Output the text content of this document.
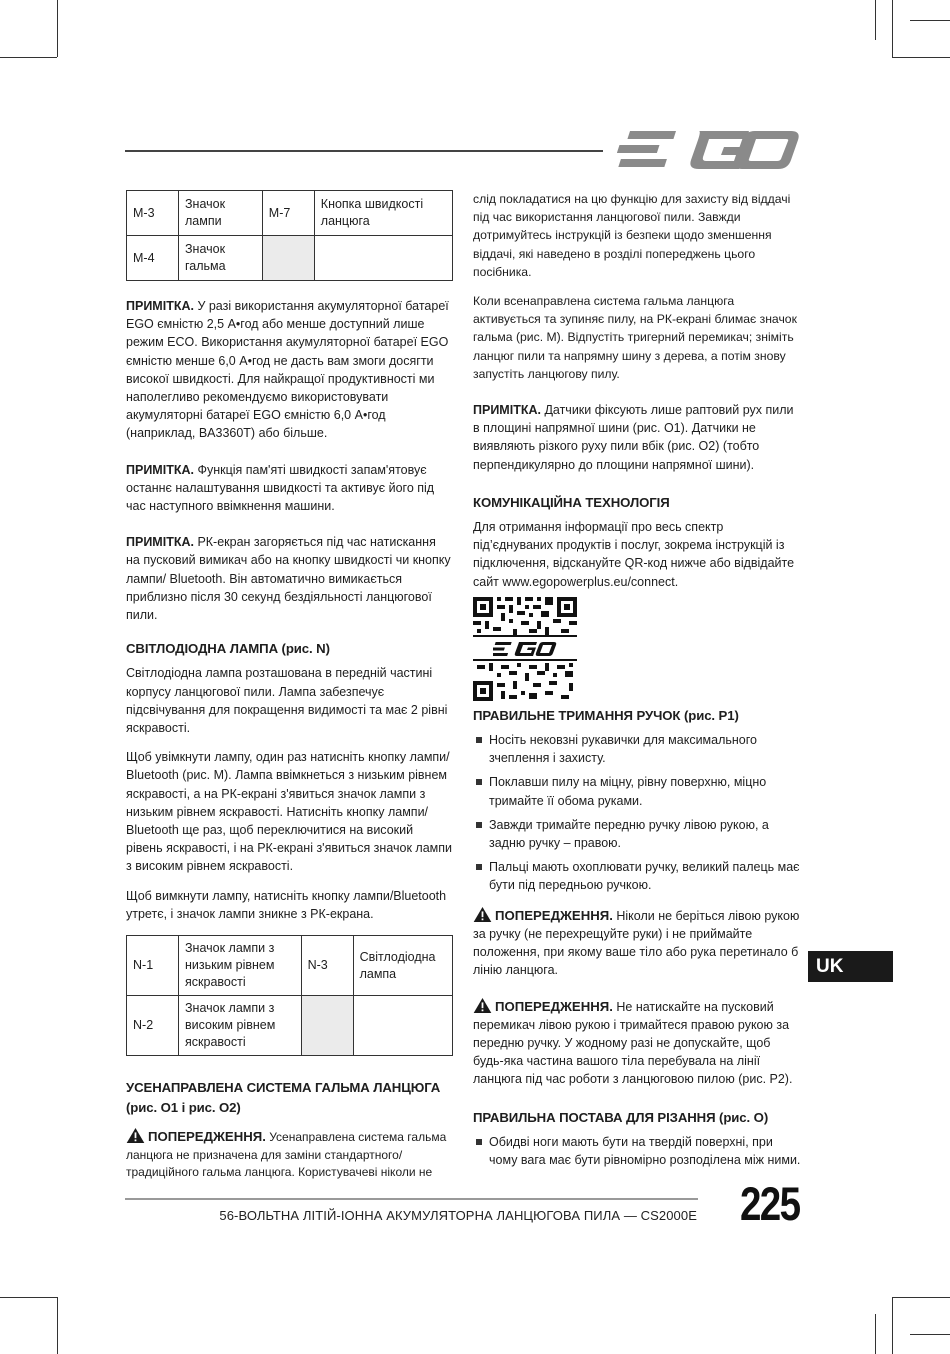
M-3	Значок лампи	M-7	Кнопка швидкості ланцюга
M-4	Значок гальма		

ПРИМІТКА. У разі використання акумуляторної батареї EGO ємністю 2,5 А•год або менше доступний лише режим ECO. Використання акумуляторної батареї EGO ємністю менше 6,0 А•год не дасть вам змоги досягти високої швидкості. Для найкращої продуктивності ми наполегливо рекомендуємо використовувати акумуляторні батареї EGO ємністю 6,0 А•год (наприклад, BA3360T) або більше.

ПРИМІТКА. Функція пам'яті швидкості запам'ятовує останнє налаштування швидкості та активує його під час наступного ввімкнення машини.

ПРИМІТКА. РК-екран загоряється під час натискання на пусковий вимикач або на кнопку швидкості чи кнопку лампи/ Bluetooth. Він автоматично вимикається приблизно після 30 секунд бездіяльності ланцюгової пили.

СВІТЛОДІОДНА ЛАМПА (рис. N)

Світлодіодна лампа розташована в передній частині корпусу ланцюгової пили. Лампа забезпечує підсвічування для покращення видимості та має 2 рівні яскравості.

Щоб увімкнути лампу, один раз натисніть кнопку лампи/ Bluetooth (рис. M). Лампа ввімкнеться з низьким рівнем яскравості, а на РК-екрані з'явиться значок лампи з низьким рівнем яскравості. Натисніть кнопку лампи/ Bluetooth ще раз, щоб переключитися на високий рівень яскравості, і на РК-екрані з'явиться значок лампи з високим рівнем яскравості.

Щоб вимкнути лампу, натисніть кнопку лампи/Bluetooth утретє, і значок лампи зникне з РК-екрана.

N-1	Значок лампи з низьким рівнем яскравості	N-3	Світлодіодна лампа
N-2	Значок лампи з високим рівнем яскравості		
УСЕНАПРАВЛЕНА СИСТЕМА ГАЛЬМА ЛАНЦЮГА (рис. O1 і рис. O2)

ПОПЕРЕДЖЕННЯ. Усенаправлена система гальма ланцюга не призначена для заміни стандартного/ традиційного гальма ланцюга. Користувачеві ніколи не

слід покладатися на цю функцію для захисту від віддачі під час використання ланцюгової пили. Завжди дотримуйтесь інструкцій із безпеки щодо зменшення віддачі, які наведено в розділі попереджень цього посібника.

Коли всенаправлена система гальма ланцюга активується та зупиняє пилу, на РК-екрані блимає значок гальма (рис. M). Відпустіть тригерний перемикач; зніміть ланцюг пили та напрямну шину з дерева, а потім знову запустіть ланцюгову пилу.

ПРИМІТКА. Датчики фіксують лише раптовий рух пили в площині напрямної шини (рис. O1). Датчики не виявляють різкого руху пили вбік (рис. O2) (тобто перпендикулярно до площини напрямної шини).

КОМУНІКАЦІЙНА ТЕХНОЛОГІЯ

Для отримання інформації про весь спектр під’єднуваних продуктів і послуг, зокрема інструкцій із підключення, відскануйте QR-код нижче або відвідайте сайт www.egopowerplus.eu/connect.

ПРАВИЛЬНЕ ТРИМАННЯ РУЧОК (рис. P1)
Носіть нековзні рукавички для максимального зчеплення і захисту.
Поклавши пилу на міцну, рівну поверхню, міцно тримайте її обома руками.
Завжди тримайте передню ручку лівою рукою, а задню ручку – правою.
Пальці мають охоплювати ручку, великий палець має бути під передньою ручкою.

ПОПЕРЕДЖЕННЯ. Ніколи не беріться лівою рукою за ручку (не перехрещуйте руки) і не приймайте положення, при якому ваше тіло або рука перетинало б лінію ланцюга.

ПОПЕРЕДЖЕННЯ. Не натискайте на пусковий перемикач лівою рукою і тримайтеся правою рукою за передню ручку. У жодному разі не допускайте, щоб будь-яка частина вашого тіла перебувала на лінії ланцюга під час роботи з ланцюговою пилою (рис. P2).

ПРАВИЛЬНА ПОСТАВА ДЛЯ РІЗАННЯ (рис. O)
Обидві ноги мають бути на твердій поверхні, при чому вага має бути рівномірно розподілена між ними.
UK
56-ВОЛЬТНА ЛІТІЙ-ІОННА АКУМУЛЯТОРНА ЛАНЦЮГОВА ПИЛА — CS2000E 225
